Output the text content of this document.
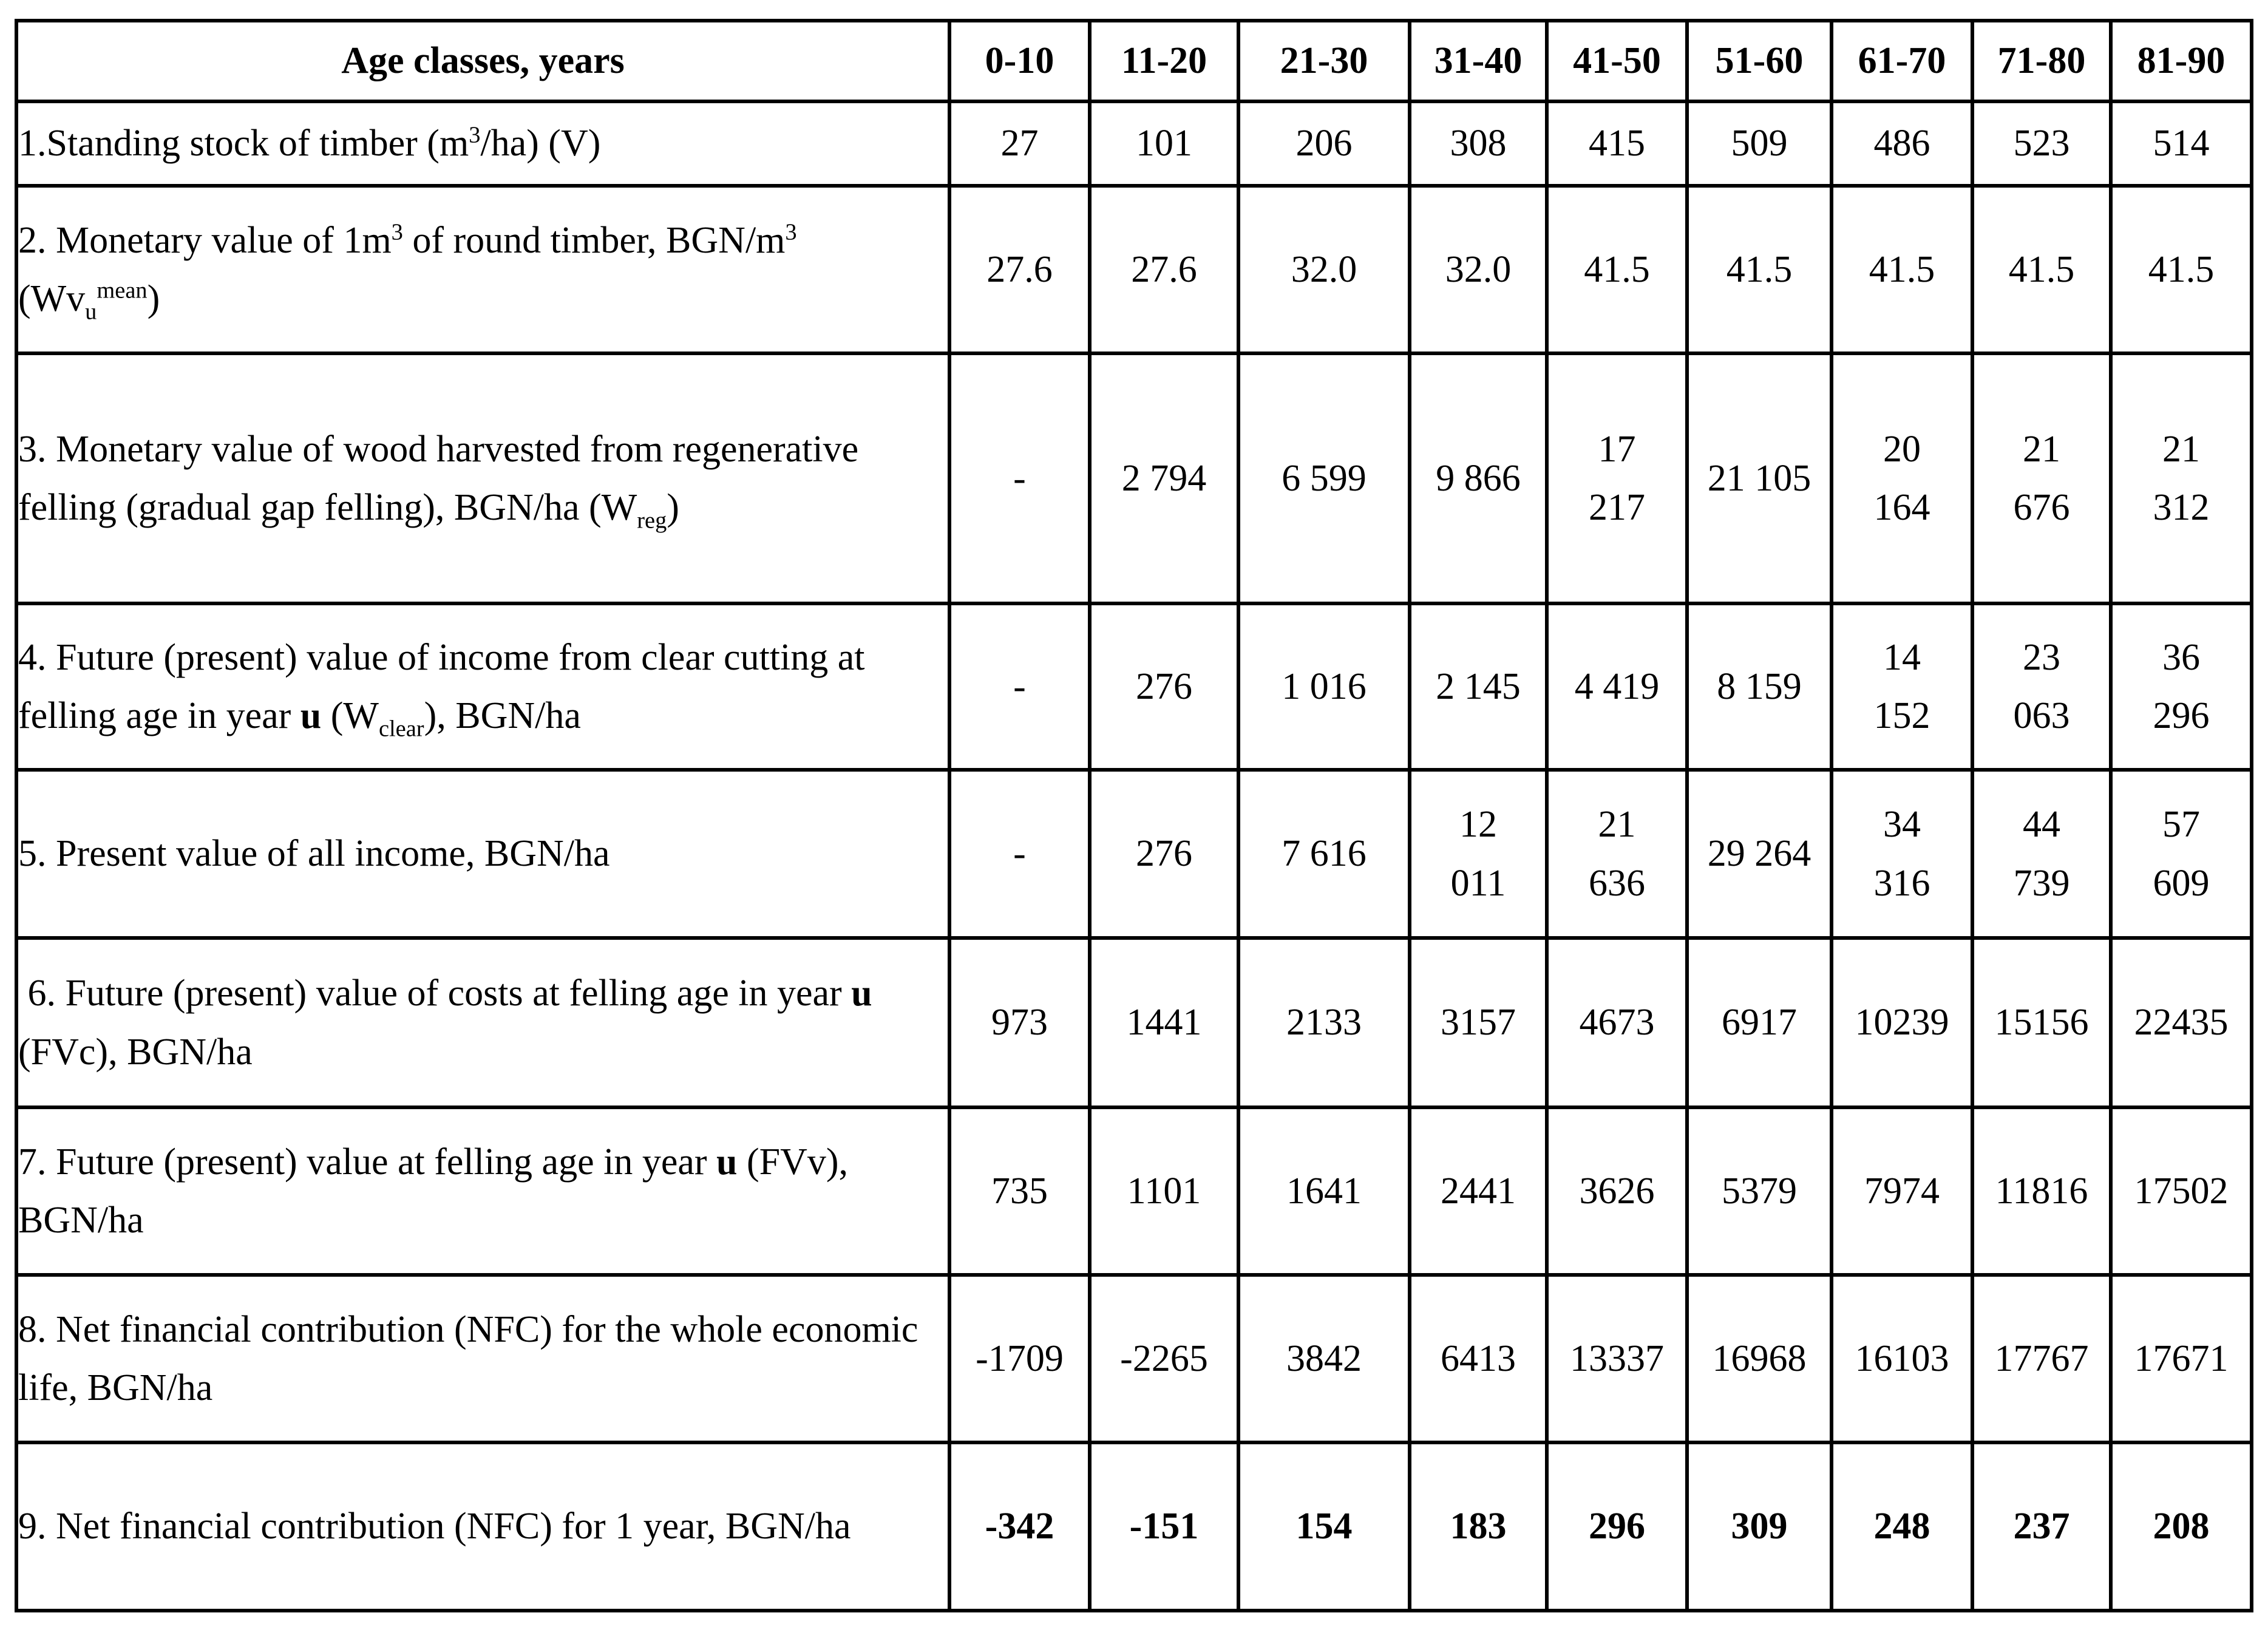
Age classes, years	0-10	11-20	21-30	31-40	41-50	51-60	61-70	71-80	81-90
1.Standing stock of timber $(m^3/ha)$ (V)	27	101	206	308	415	509	486	523	514
2. Monetary value of $1m^3$ of round timber, BGN/$m^3$ $(Wv_u^{mean})$	27.6	27.6	32.0	32.0	41.5	41.5	41.5	41.5	41.5
3. Monetary value of wood harvested from regenerative felling (gradual gap felling), BGN/ha $(W_{reg})$	-	2 794	6 599	9 866	17 217	21 105	20 164	21 676	21 312
4. Future (present) value of income from clear cutting at felling age in year u $(W_{clear})$, BGN/ha	-	276	1 016	2 145	4 419	8 159	14 152	23 063	36 296
5. Present value of all income, BGN/ha	-	276	7 616	12 011	21 636	29 264	34 316	44 739	57 609
6. Future (present) value of costs at felling age in year u  (FVc), BGN/ha	973	1441	2133	3157	4673	6917	10239	15156	22435
7. Future (present) value at felling age in year u (FVv), BGN/ha	735	1101	1641	2441	3626	5379	7974	11816	17502
8. Net financial contribution (NFC) for the whole economic life, BGN/ha	-1709	-2265	3842	6413	13337	16968	16103	17767	17671
9. Net financial contribution (NFC) for 1 year, BGN/ha	-342	-151	154	183	296	309	248	237	208
